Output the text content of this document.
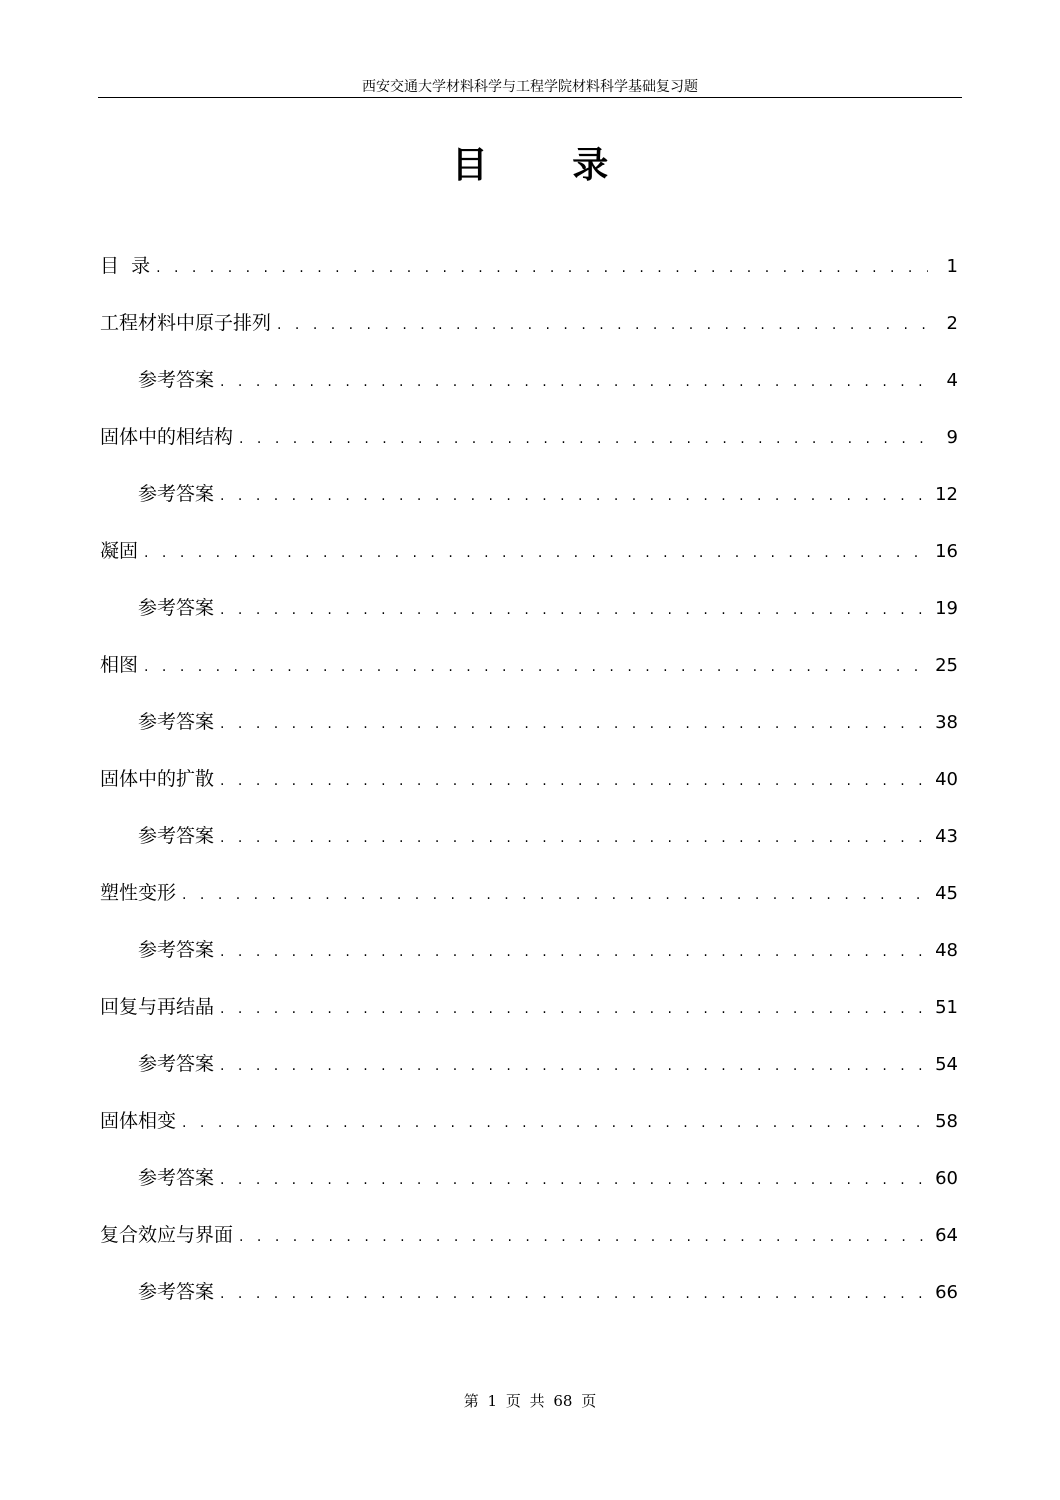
西安交通大学材料科学与工程学院材料科学基础复习题
目 录
目  录 . . .	1
工程材料中原子排列 . . .	2
参考答案 . . .	4
固体中的相结构 . . .	9
参考答案 . . .	12
凝固 . . .	16
参考答案 . . .	19
相图 . . .	25
参考答案 . . .	38
固体中的扩散 . . .	40
参考答案 . . .	43
塑性变形 . . .	45
参考答案 . . .	48
回复与再结晶 . . .	51
参考答案 . . .	54
固体相变 . . .	58
参考答案 . . .	60
复合效应与界面 . . .	64
参考答案 . . .	66
第 1 页 共 68 页
